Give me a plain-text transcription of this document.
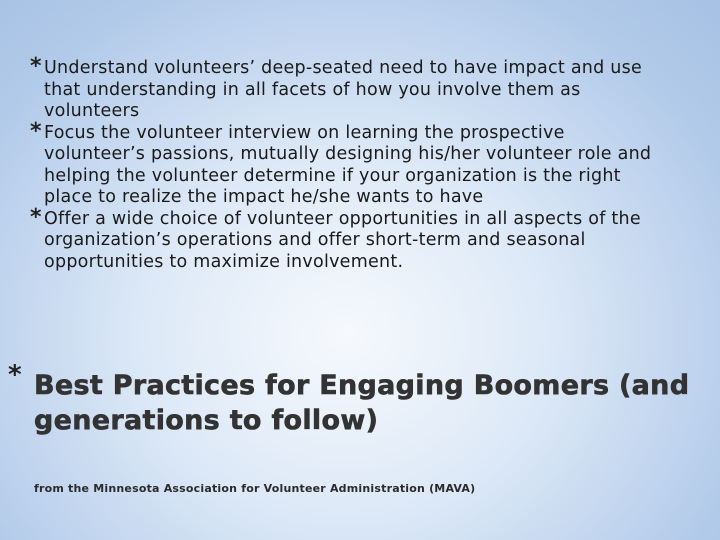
* Understand volunteers’ deep-seated need to have impact and use that understanding in all facets of how you involve them as volunteers
* Focus the volunteer interview on learning the prospective volunteer’s passions, mutually designing his/her volunteer role and helping the volunteer determine if your organization is the right place to realize the impact he/she wants to have
* Offer a wide choice of volunteer opportunities in all aspects of the organization’s operations and offer short-term and seasonal opportunities to maximize involvement.
* Best Practices for Engaging Boomers (and generations to follow)
from the Minnesota Association for Volunteer Administration (MAVA)
